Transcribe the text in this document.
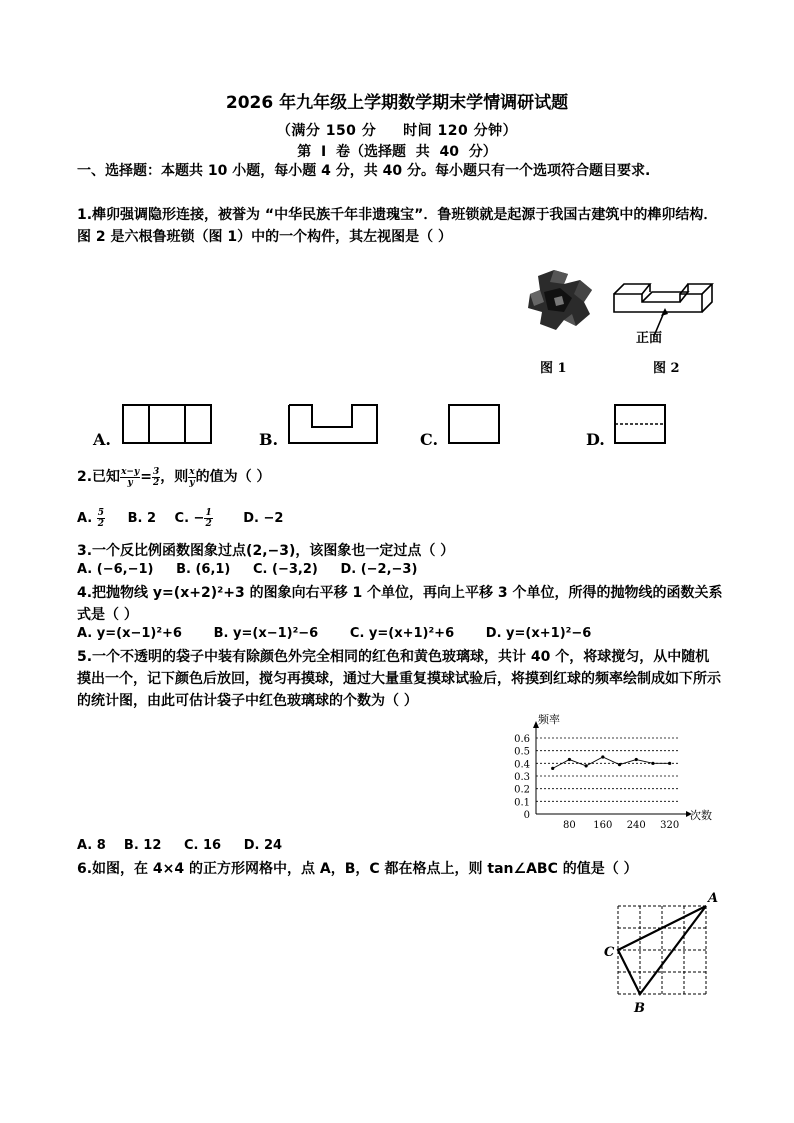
2026 年九年级上学期数学期末学情调研试题
（满分 150 分     时间 120 分钟）
第  Ⅰ  卷（选择题  共  40  分）
一、选择题：本题共 10 小题，每小题 4 分，共 40 分。每小题只有一个选项符合题目要求.
1.榫卯强调隐形连接，被誉为 “中华民族千年非遗瑰宝”．鲁班锁就是起源于我国古建筑中的榫卯结构．图 2 是六根鲁班锁（图 1）中的一个构件，其左视图是（ ）
正面
图 1	图 2
A.	B.	C.	D.
2.已知 $\frac{x-y}{y} = \frac{3}{2}$ ，则 $\frac{x}{y}$ 的值为（ ）
A. $\frac{5}{2} B$. 2 C. − $\frac{1}{2} D$. −2
3.一个反比例函数图象过点(2,−3)，该图象也一定过点（ ）
A. (−6,−1)     B. (6,1)     C. (−3,2)     D. (−2,−3)
4.把抛物线 y=(x+2)²+3 的图象向右平移 1 个单位，再向上平移 3 个单位，所得的抛物线的函数关系式是（ ）
A. y=(x−1)²+6       B. y=(x−1)²−6       C. y=(x+1)²+6       D. y=(x+1)²−6
5.一个不透明的袋子中装有除颜色外完全相同的红色和黄色玻璃球，共计 40 个，将球搅匀，从中随机摸出一个，记下颜色后放回，搅匀再摸球，通过大量重复摸球试验后，将摸到红球的频率绘制成如下所示的统计图，由此可估计袋子中红色玻璃球的个数为（ ）
0
0.1
0.2
0.3
0.4
0.5
0.6
80 160 240 320
频率
次数
A. 8    B. 12     C. 16     D. 24
6.如图，在 4×4 的正方形网格中，点 A，B，C 都在格点上，则 tan∠ABC 的值是（ ）
A
C
B
